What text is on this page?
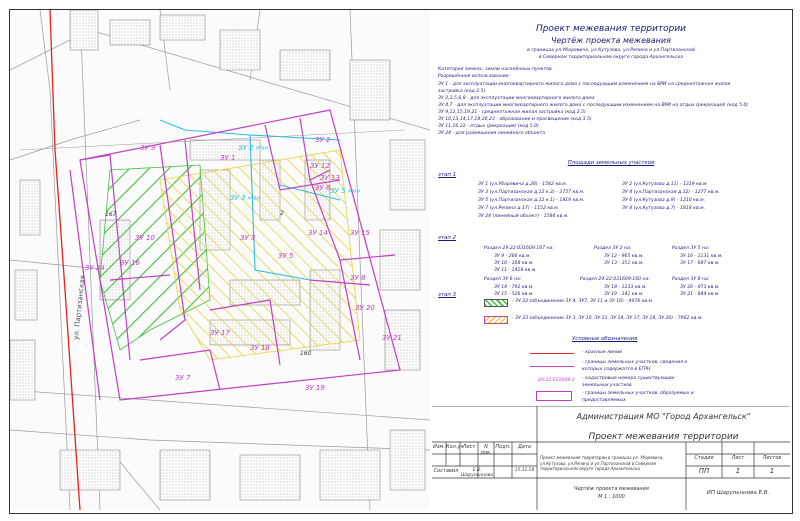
ЗУ 1
ЗУ 2
ЗУ 3
ЗУ 5
ЗУ 6
ЗУ 7
ЗУ 8
ЗУ 9
ЗУ 10
ЗУ 12
ЗУ 13
ЗУ 14	ЗУ 15
ЗУ 16
ЗУ 17
ЗУ 18
ЗУ 19
ЗУ 20
ЗУ 21
ЗУ 24
ЗУ 2 «ч»
ЗУ 3 «ч»
ЗУ 5 «ч»
167
160
2
ул. Партизанская
Проект межевания территории
Чертёж проекта межевания
в границах ул.Уборевича, ул.Кутузова, ул.Репина и ул.Партизанской
в Северном территориальном округе города Архангельска
Категория земель: земли населённых пунктов
Разрешённое использование:
ЗУ 1 - для эксплуатации многоквартирного жилого дома с последующим изменением на ВРИ на среднеэтажная жилая
застройка (код 2.5)
ЗУ 2,3,5,6,8 - для эксплуатации многоквартирного жилого дома
ЗУ 4,7 - для эксплуатации многоквартирного жилого дома с последующим изменением на ВРИ на отдых (рекреация) (код 5.0)
ЗУ 9,12,15,19,21 - среднеэтажная жилая застройка (код 2.5)
ЗУ 10,13,14,17,18,20,23 - образование и просвещение (код 3.5)
ЗУ 11,16,22 - отдых (рекреация) (код 5.0)
ЗУ 24 - для размещения линейного объекта
Площади земельных участков
этап 1
ЗУ 1 (ул.Уборевича д.28) - 1582 кв.м.	ЗУ 2 (ул.Кутузова д.11) - 1319 кв.м.
ЗУ 3 (ул.Партизанская д.12 к.2) - 3757 кв.м.	ЗУ 4 (ул.Партизанская д.12) - 1277 кв.м.
ЗУ 5 (ул.Партизанская д.12 к.1) - 1819 кв.м.	ЗУ 6 (ул.Кутузова д.9) - 1210 кв.м.
ЗУ 7 (ул.Репина д.17) - 1152 кв.м.	ЗУ 8 (ул.Кутузова д.7) - 1818 кв.м.
ЗУ 24 (линейный объект) - 1584 кв.м.
этап 2
Раздел 29:22:031609:167 на:
ЗУ 9 - 266 кв.м.
ЗУ 10 - 168 кв.м.
ЗУ 11 - 1418 кв.м.
Раздел ЗУ 2 на:
ЗУ 12 - 965 кв.м.
ЗУ 13 - 351 кв.м.
Раздел ЗУ 5 на:
ЗУ 16 - 1131 кв.м.
ЗУ 17 - 687 кв.м.
Раздел ЗУ 6 на:
ЗУ 14 - 792 кв.м.
ЗУ 15 - 526 кв.м.
Раздел 29:22:031609:160 на:
ЗУ 18 - 1233 кв.м.
ЗУ 19 - 141 кв.м.
Раздел ЗУ 8 на:
ЗУ 20 - 973 кв.м.
ЗУ 21 - 844 кв.м.
этап 3
- ЗУ 22 (объединение ЗУ 4, ЗУ7, ЗУ 11 и ЗУ 16) - 4978 кв.м.
- ЗУ 23 (объединение ЗУ 3, ЗУ 10, ЗУ 13, ЗУ 14, ЗУ 17, ЗУ 18, ЗУ 20) - 7962 кв.м.
Условные обозначения
- красные линии
- границы земельных участков, сведения о которых содержатся в ЕГРН
29:22:031609:2 - кадастровые номера существующих земельных участков
- границы земельных участков, образуемых и предоставляемых
Администрация МО "Город Архангельск"
Проект межевания территории
Изм. Кол.уч Лист	N док.
Подп.	Дата
Составил	Е.В. Шарупьннова
15.11.18
Проект межевания территории в границах ул. Уборевича, ул.Кутузова, ул.Репина и ул.Партизанской в Северном территориальном округе города Архангельска
Стадия	Лист	Листов
ПП	1	1
Чертёж проекта межевания
М 1 : 1000
ИП Шарупьннова Е.В.
